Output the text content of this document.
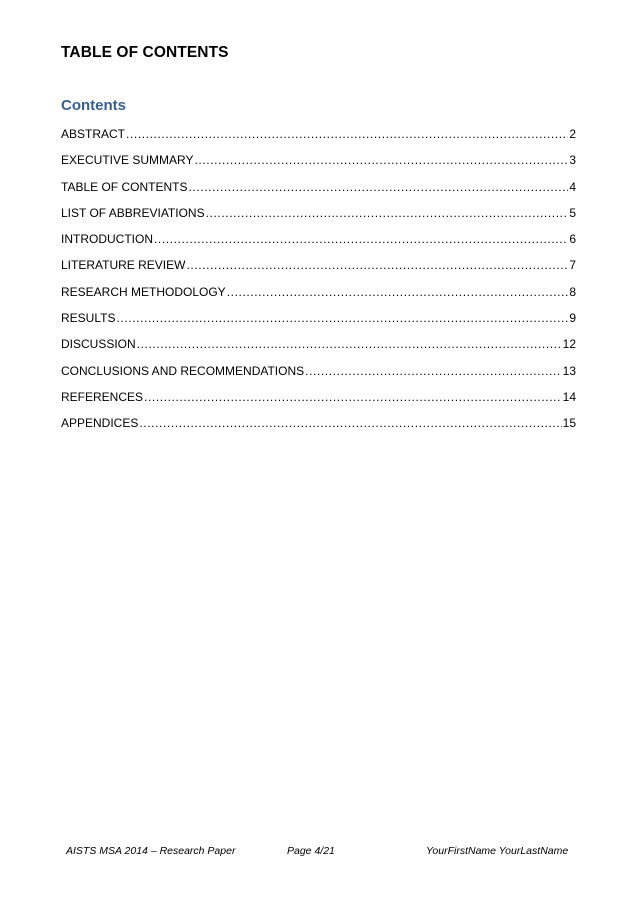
TABLE OF CONTENTS
Contents
ABSTRACT .....	2
EXECUTIVE SUMMARY .....	3
TABLE OF CONTENTS .....	4
LIST OF ABBREVIATIONS .....	5
INTRODUCTION .....	6
LITERATURE REVIEW .....	7
RESEARCH METHODOLOGY .....	8
RESULTS .....	9
DISCUSSION .....	12
CONCLUSIONS AND RECOMMENDATIONS .....	13
REFERENCES .....	14
APPENDICES .....	15
AISTS MSA 2014 – Research Paper	Page 4/21	YourFirstName YourLastName
